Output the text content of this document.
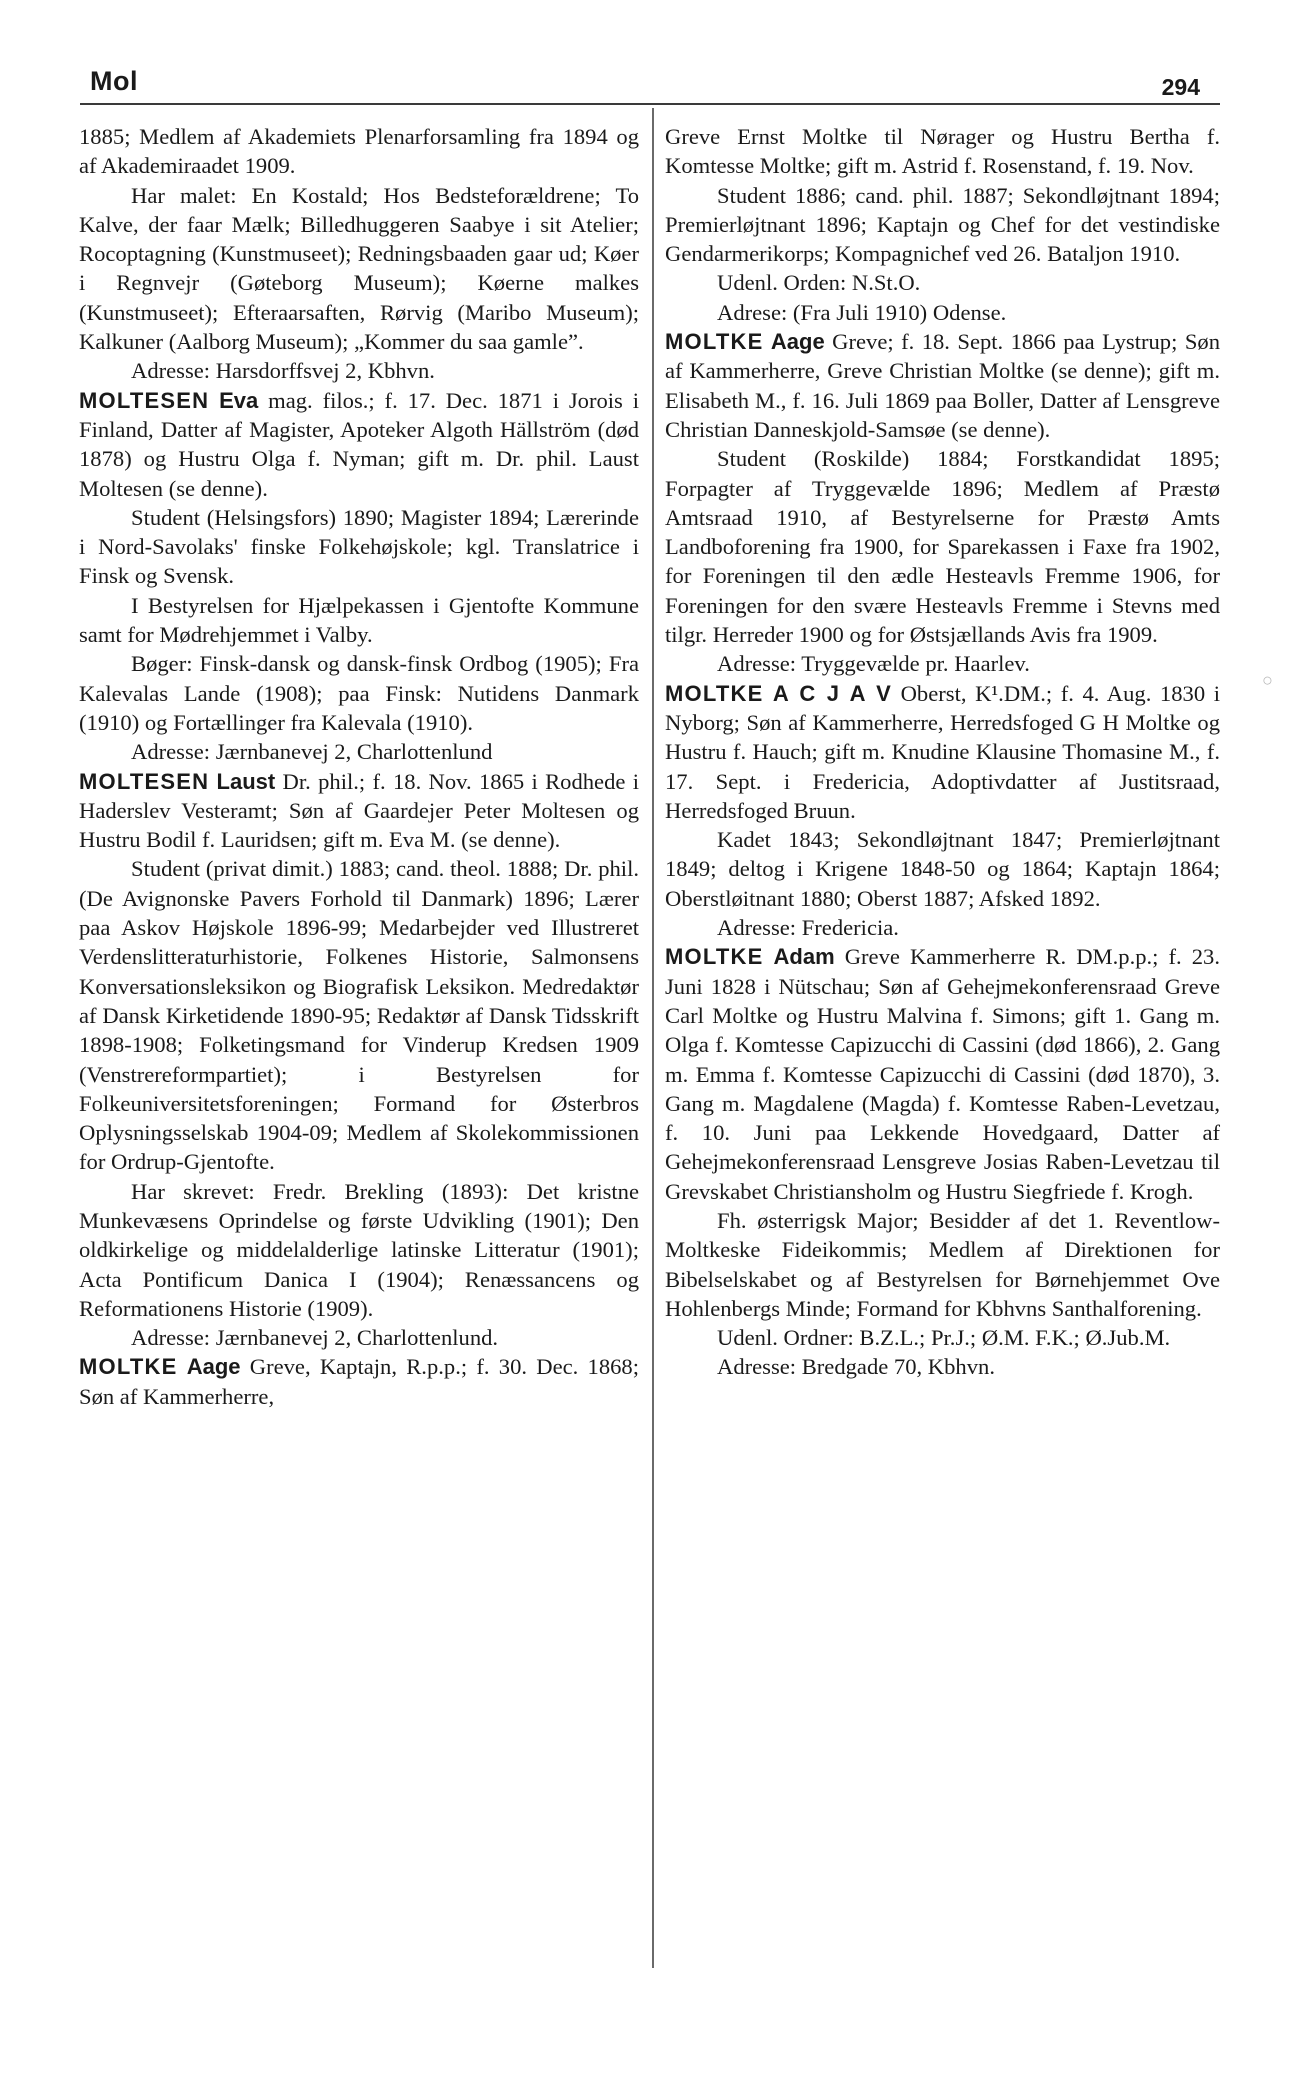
Mol	294

1885; Medlem af Akademiets Plenarforsamling fra 1894 og af Akademiraadet 1909.

Har malet: En Kostald; Hos Bedsteforældrene; To Kalve, der faar Mælk; Billedhuggeren Saabye i sit Atelier; Rocoptagning (Kunstmuseet); Redningsbaaden gaar ud; Køer i Regnvejr (Gøteborg Museum); Køerne malkes (Kunstmuseet); Efteraarsaften, Rørvig (Maribo Museum); Kalkuner (Aalborg Museum); „Kommer du saa gamle”.

Adresse: Harsdorffsvej 2, Kbhvn.

MOLTESEN Eva mag. filos.; f. 17. Dec. 1871 i Jorois i Finland, Datter af Magister, Apoteker Algoth Hällström (død 1878) og Hustru Olga f. Nyman; gift m. Dr. phil. Laust Moltesen (se denne).

Student (Helsingsfors) 1890; Magister 1894; Lærerinde i Nord-Savolaks' finske Folkehøjskole; kgl. Translatrice i Finsk og Svensk.

I Bestyrelsen for Hjælpekassen i Gjentofte Kommune samt for Mødrehjemmet i Valby.

Bøger: Finsk-dansk og dansk-finsk Ordbog (1905); Fra Kalevalas Lande (1908); paa Finsk: Nutidens Danmark (1910) og Fortællinger fra Kalevala (1910).

Adresse: Jærnbanevej 2, Charlottenlund

MOLTESEN Laust Dr. phil.; f. 18. Nov. 1865 i Rodhede i Haderslev Vesteramt; Søn af Gaardejer Peter Moltesen og Hustru Bodil f. Lauridsen; gift m. Eva M. (se denne).

Student (privat dimit.) 1883; cand. theol. 1888; Dr. phil. (De Avignonske Pavers Forhold til Danmark) 1896; Lærer paa Askov Højskole 1896-99; Medarbejder ved Illustreret Verdenslitteraturhistorie, Folkenes Historie, Salmonsens Konversationsleksikon og Biografisk Leksikon. Medredaktør af Dansk Kirketidende 1890-95; Redaktør af Dansk Tidsskrift 1898-1908; Folketingsmand for Vinderup Kredsen 1909 (Venstrereformpartiet); i Bestyrelsen for Folkeuniversitetsforeningen; Formand for Østerbros Oplysningsselskab 1904-09; Medlem af Skolekommissionen for Ordrup-Gjentofte.

Har skrevet: Fredr. Brekling (1893): Det kristne Munkevæsens Oprindelse og første Udvikling (1901); Den oldkirkelige og middelalderlige latinske Litteratur (1901); Acta Pontificum Danica I (1904); Renæssancens og Reformationens Historie (1909).

Adresse: Jærnbanevej 2, Charlottenlund.

MOLTKE Aage Greve, Kaptajn, R.p.p.; f. 30. Dec. 1868; Søn af Kammerherre,

Greve Ernst Moltke til Nørager og Hustru Bertha f. Komtesse Moltke; gift m. Astrid f. Rosenstand, f. 19. Nov.

Student 1886; cand. phil. 1887; Sekondløjtnant 1894; Premierløjtnant 1896; Kaptajn og Chef for det vestindiske Gendarmerikorps; Kompagnichef ved 26. Bataljon 1910.

Udenl. Orden: N.St.O.

Adrese: (Fra Juli 1910) Odense.

MOLTKE Aage Greve; f. 18. Sept. 1866 paa Lystrup; Søn af Kammerherre, Greve Christian Moltke (se denne); gift m. Elisabeth M., f. 16. Juli 1869 paa Boller, Datter af Lensgreve Christian Danneskjold-Samsøe (se denne).

Student (Roskilde) 1884; Forstkandidat 1895; Forpagter af Tryggevælde 1896; Medlem af Præstø Amtsraad 1910, af Bestyrelserne for Præstø Amts Landboforening fra 1900, for Sparekassen i Faxe fra 1902, for Foreningen til den ædle Hesteavls Fremme 1906, for Foreningen for den svære Hesteavls Fremme i Stevns med tilgr. Herreder 1900 og for Østsjællands Avis fra 1909.

Adresse: Tryggevælde pr. Haarlev.

MOLTKE A C J A V Oberst, K¹.DM.; f. 4. Aug. 1830 i Nyborg; Søn af Kammerherre, Herredsfoged G H Moltke og Hustru f. Hauch; gift m. Knudine Klausine Thomasine M., f. 17. Sept. i Fredericia, Adoptivdatter af Justitsraad, Herredsfoged Bruun.

Kadet 1843; Sekondløjtnant 1847; Premierløjtnant 1849; deltog i Krigene 1848-50 og 1864; Kaptajn 1864; Oberstløitnant 1880; Oberst 1887; Afsked 1892.

Adresse: Fredericia.

MOLTKE Adam Greve Kammerherre R. DM.p.p.; f. 23. Juni 1828 i Nütschau; Søn af Gehejmekonferensraad Greve Carl Moltke og Hustru Malvina f. Simons; gift 1. Gang m. Olga f. Komtesse Capizucchi di Cassini (død 1866), 2. Gang m. Emma f. Komtesse Capizucchi di Cassini (død 1870), 3. Gang m. Magdalene (Magda) f. Komtesse Raben-Levetzau, f. 10. Juni paa Lekkende Hovedgaard, Datter af Gehejmekonferensraad Lensgreve Josias Raben-Levetzau til Grevskabet Christiansholm og Hustru Siegfriede f. Krogh.

Fh. østerrigsk Major; Besidder af det 1. Reventlow-Moltkeske Fideikommis; Medlem af Direktionen for Bibelselskabet og af Bestyrelsen for Børnehjemmet Ove Hohlenbergs Minde; Formand for Kbhvns Santhalforening.

Udenl. Ordner: B.Z.L.; Pr.J.; Ø.M. F.K.; Ø.Jub.M.

Adresse: Bredgade 70, Kbhvn.

○
